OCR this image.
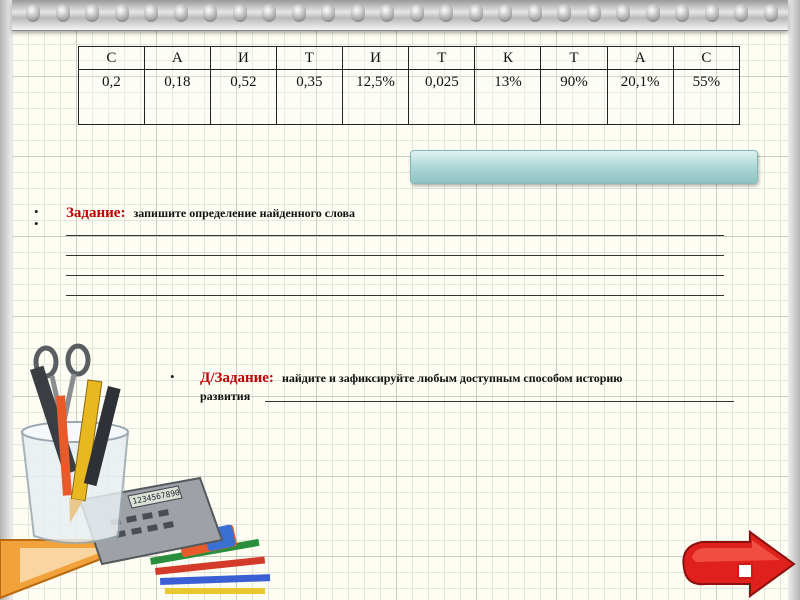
С	А	И	Т	И	Т	К	Т	А	С
0,2	0,18	0,52	0,35	12,5%	0,025	13%	90%	20,1%	55%
• Задание: запишите определение найденного слова
•
• Д/Задание: найдите и зафиксируйте любым доступным способом историю
развития
1234567890
